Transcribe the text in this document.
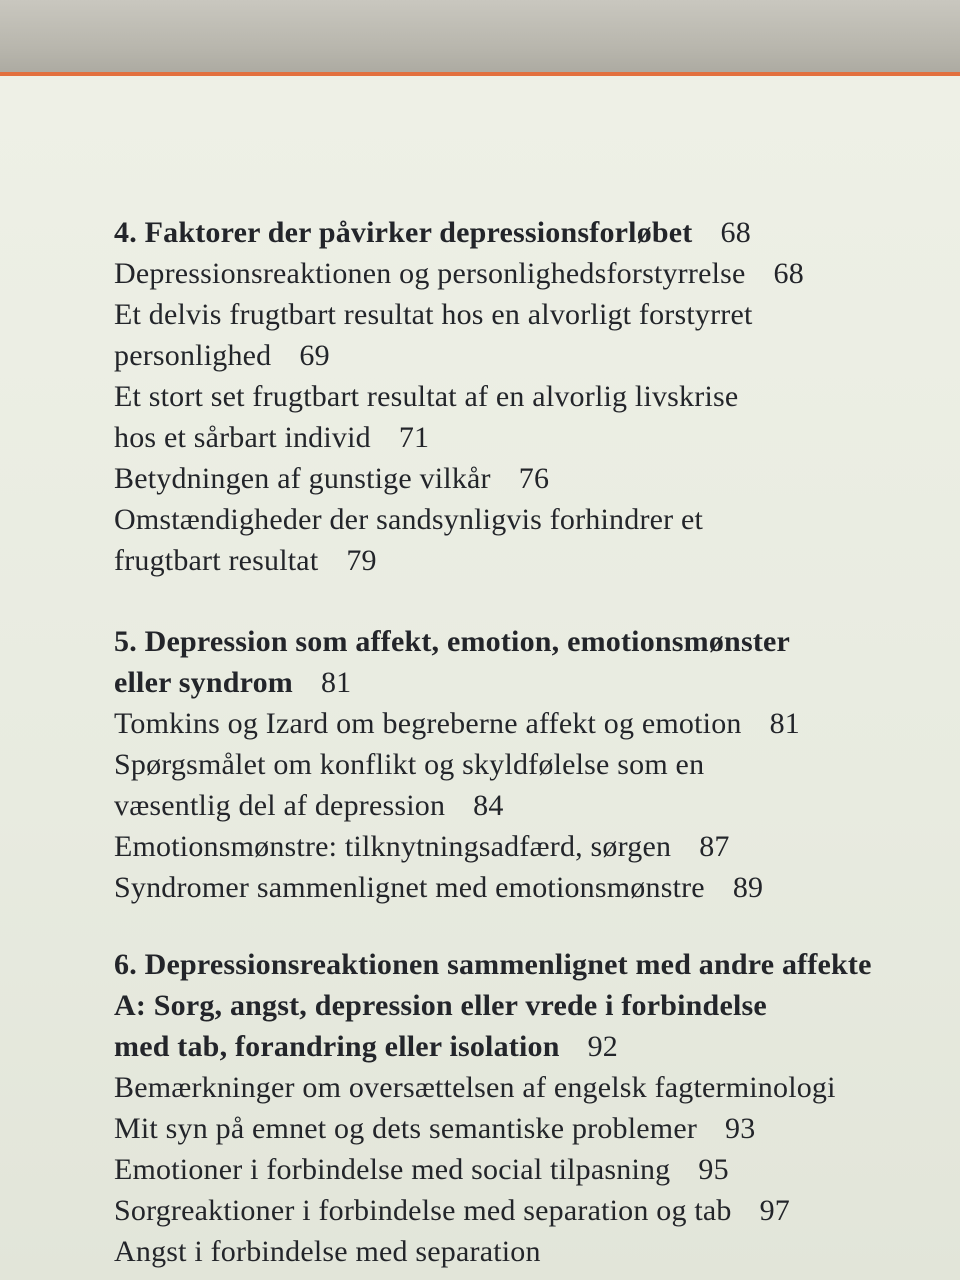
4. Faktorer der påvirker depressionsforløbet 68
Depressionsreaktionen og personlighedsforstyrrelse 68
Et delvis frugtbart resultat hos en alvorligt forstyrret
personlighed 69
Et stort set frugtbart resultat af en alvorlig livskrise
hos et sårbart individ 71
Betydningen af gunstige vilkår 76
Omstændigheder der sandsynligvis forhindrer et
frugtbart resultat 79
5. Depression som affekt, emotion, emotionsmønster
eller syndrom 81
Tomkins og Izard om begreberne affekt og emotion 81
Spørgsmålet om konflikt og skyldfølelse som en
væsentlig del af depression 84
Emotionsmønstre: tilknytningsadfærd, sørgen 87
Syndromer sammenlignet med emotionsmønstre 89
6. Depressionsreaktionen sammenlignet med andre affekte
A: Sorg, angst, depression eller vrede i forbindelse
med tab, forandring eller isolation 92
Bemærkninger om oversættelsen af engelsk fagterminologi
Mit syn på emnet og dets semantiske problemer 93
Emotioner i forbindelse med social tilpasning 95
Sorgreaktioner i forbindelse med separation og tab 97
Angst i forbindelse med separation
